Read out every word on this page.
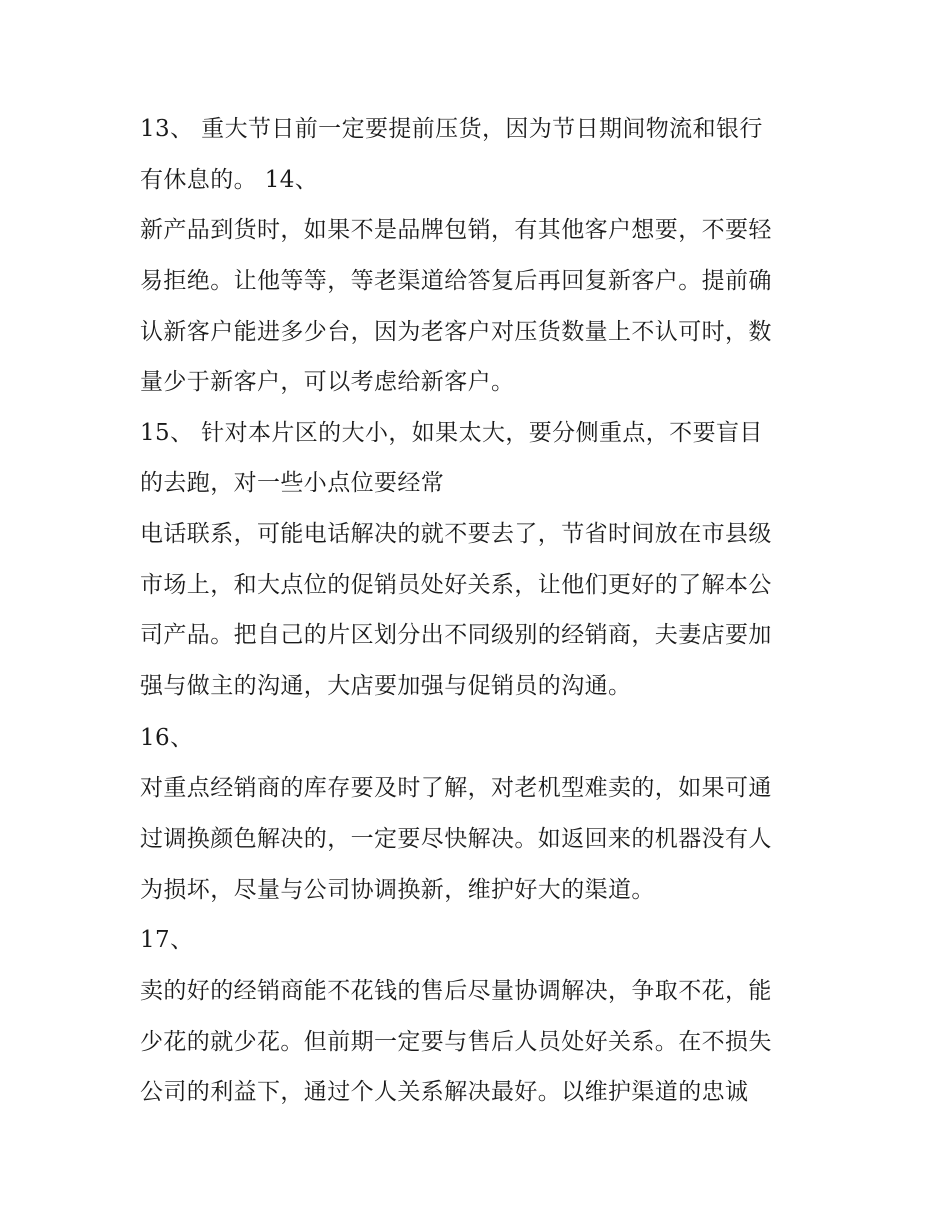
13、 重大节日前一定要提前压货，因为节日期间物流和银行
有休息的。 14、
新产品到货时，如果不是品牌包销，有其他客户想要，不要轻
易拒绝。让他等等，等老渠道给答复后再回复新客户。提前确
认新客户能进多少台，因为老客户对压货数量上不认可时，数
量少于新客户，可以考虑给新客户。
15、 针对本片区的大小，如果太大，要分侧重点，不要盲目
的去跑，对一些小点位要经常
电话联系，可能电话解决的就不要去了，节省时间放在市县级
市场上，和大点位的促销员处好关系，让他们更好的了解本公
司产品。把自己的片区划分出不同级别的经销商，夫妻店要加
强与做主的沟通，大店要加强与促销员的沟通。
16、
对重点经销商的库存要及时了解，对老机型难卖的，如果可通
过调换颜色解决的，一定要尽快解决。如返回来的机器没有人
为损坏，尽量与公司协调换新，维护好大的渠道。
17、
卖的好的经销商能不花钱的售后尽量协调解决，争取不花，能
少花的就少花。但前期一定要与售后人员处好关系。在不损失
公司的利益下，通过个人关系解决最好。以维护渠道的忠诚
